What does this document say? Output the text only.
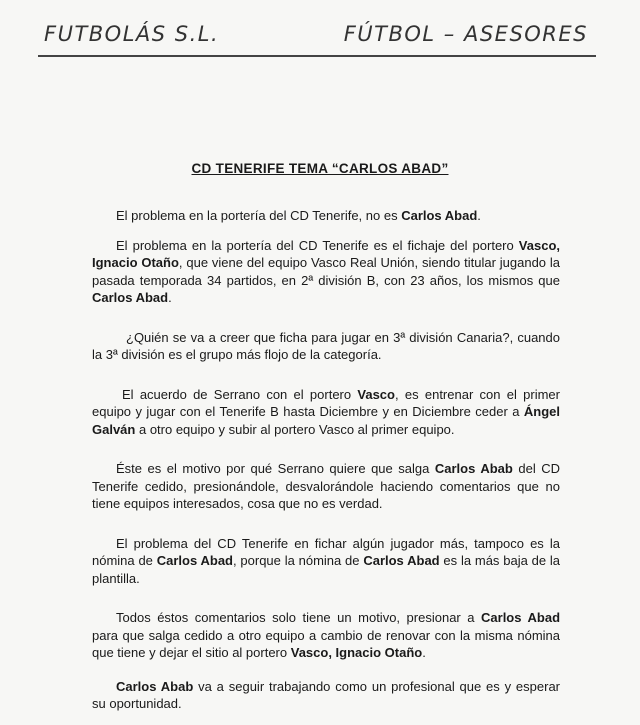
FUTBOLÁS S.L.	FÚTBOL – ASESORES
CD TENERIFE TEMA “CARLOS ABAD”

El problema en la portería del CD Tenerife, no es Carlos Abad.

El problema en la portería del CD Tenerife es el fichaje del portero Vasco, Ignacio Otaño, que viene del equipo Vasco Real Unión, siendo titular jugando la pasada temporada 34 partidos, en 2ª división B, con 23 años, los mismos que Carlos Abad.

¿Quién se va a creer que ficha para jugar en 3ª división Canaria?, cuando la 3ª división es el grupo más flojo de la categoría.

El acuerdo de Serrano con el portero Vasco, es entrenar con el primer equipo y jugar con el Tenerife B hasta Diciembre y en Diciembre ceder a Ángel Galván a otro equipo y subir al portero Vasco al primer equipo.

Éste es el motivo por qué Serrano quiere que salga Carlos Abab del CD Tenerife cedido, presionándole, desvalorándole haciendo comentarios que no tiene equipos interesados, cosa que no es verdad.

El problema del CD Tenerife en fichar algún jugador más, tampoco es la nómina de Carlos Abad, porque la nómina de Carlos Abad es la más baja de la plantilla.

Todos éstos comentarios solo tiene un motivo, presionar a Carlos Abad para que salga cedido a otro equipo a cambio de renovar con la misma nómina que tiene y dejar el sitio al portero Vasco, Ignacio Otaño.

Carlos Abab va a seguir trabajando como un profesional que es y esperar su oportunidad.
